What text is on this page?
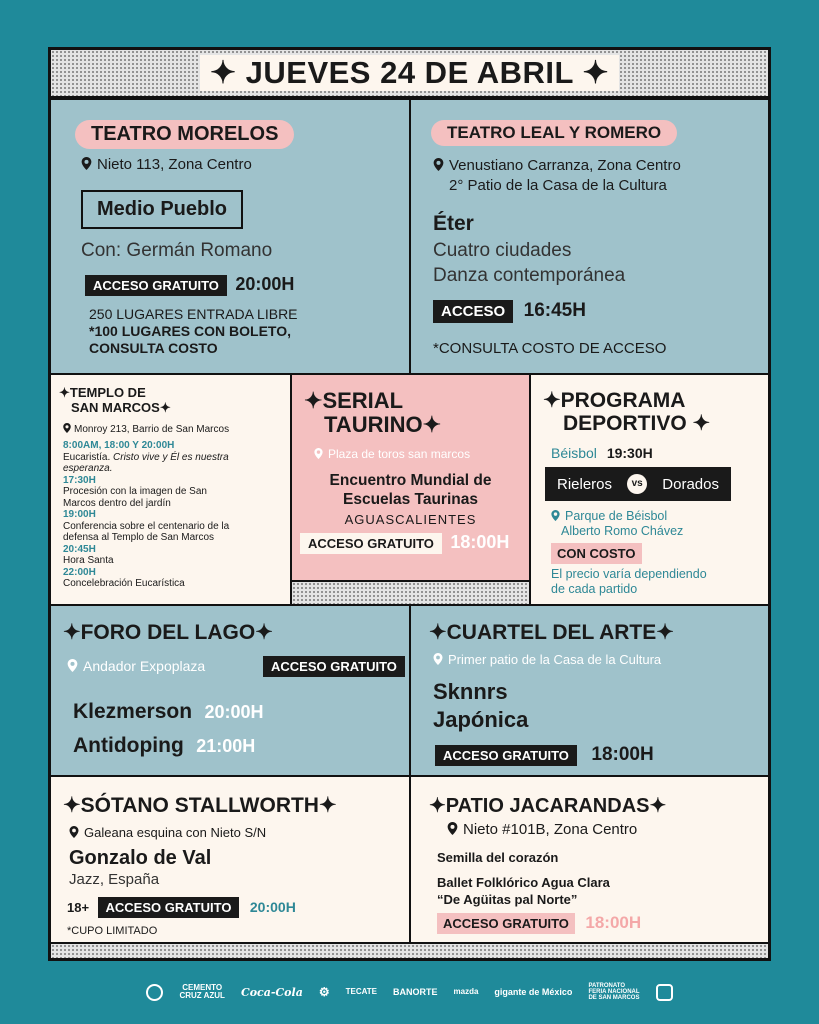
✦ JUEVES 24 DE ABRIL ✦
TEATRO MORELOS
Nieto 113, Zona Centro
Medio Pueblo
Con: Germán Romano
ACCESO GRATUITO 20:00H
250 LUGARES ENTRADA LIBRE
*100 LUGARES CON BOLETO,
CONSULTA COSTO
TEATRO LEAL Y ROMERO
Venustiano Carranza, Zona Centro
2° Patio de la Casa de la Cultura
Éter
Cuatro ciudades
Danza contemporánea
ACCESO 16:45H
*CONSULTA COSTO DE ACCESO
✦TEMPLO DE
SAN MARCOS✦
Monroy 213, Barrio de San Marcos
8:00AM, 18:00 Y 20:00H
Eucaristía. Cristo vive y Él es nuestra
esperanza.
17:30H
Procesión con la imagen de San
Marcos dentro del jardín
19:00H
Conferencia sobre el centenario de la
defensa al Templo de San Marcos
20:45H
Hora Santa
22:00H
Concelebración Eucarística
✦SERIAL
TAURINO✦
Plaza de toros san marcos
Encuentro Mundial de
Escuelas Taurinas
AGUASCALIENTES
ACCESO GRATUITO 18:00H
✦PROGRAMA
DEPORTIVO ✦
Béisbol 19:30H
Rieleros	vs Dorados
Parque de Béisbol
Alberto Romo Chávez
CON COSTO
El precio varía dependiendo
de cada partido
✦FORO DEL LAGO✦
Andador Expoplaza	ACCESO GRATUITO
Klezmerson 20:00H
Antidoping 21:00H
✦CUARTEL DEL ARTE✦
Primer patio de la Casa de la Cultura
Sknnrs
Japónica
ACCESO GRATUITO 18:00H
✦SÓTANO STALLWORTH✦
Galeana esquina con Nieto S/N
Gonzalo de Val
Jazz, España
18+ ACCESO GRATUITO 20:00H
*CUPO LIMITADO
✦PATIO JACARANDAS✦
Nieto #101B, Zona Centro
Semilla del corazón
Ballet Folklórico Agua Clara
“De Agüitas pal Norte”
ACCESO GRATUITO 18:00H
CEMENTO
CRUZ AZUL Coca-Cola ⚙ TECATE BANORTE mazda gigante de México
PATRONATO
FERIA NACIONAL
DE SAN MARCOS
